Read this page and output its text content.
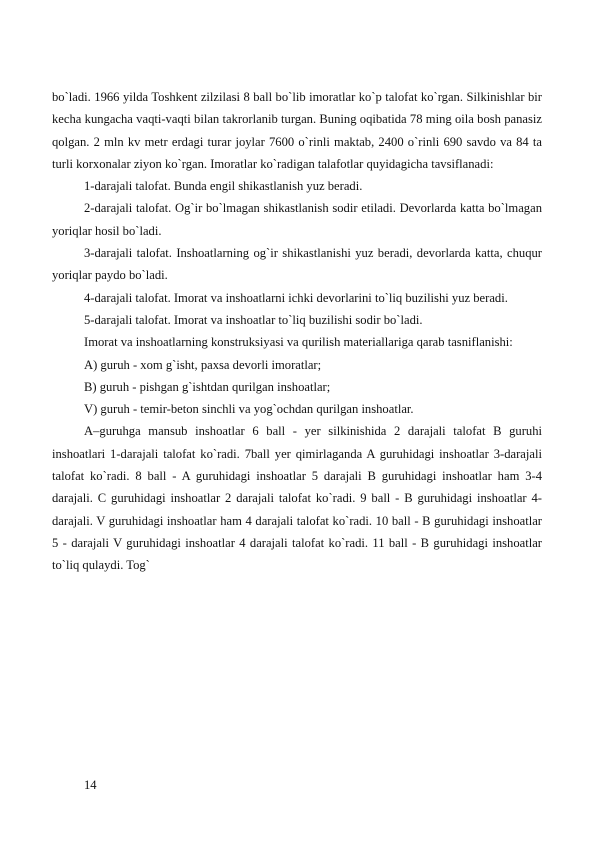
bo`ladi. 1966 yilda Toshkent zilzilasi 8 ball bo`lib imoratlar ko`p talofat ko`rgan. Silkinishlar bir kecha kungacha vaqti-vaqti bilan takrorlanib turgan. Buning oqibatida 78 ming oila bosh panasiz qolgan. 2 mln kv metr erdagi turar joylar 7600 o`rinli maktab, 2400 o`rinli 690 savdo va 84 ta turli korxonalar ziyon ko`rgan. Imoratlar ko`radigan talafotlar quyidagicha tavsiflanadi:

1-darajali talofat. Bunda engil shikastlanish yuz beradi.

2-darajali talofat. Og`ir bo`lmagan shikastlanish sodir etiladi. Devorlarda katta bo`lmagan yoriqlar hosil bo`ladi.

3-darajali talofat. Inshoatlarning og`ir shikastlanishi yuz beradi, devorlarda katta, chuqur yoriqlar paydo bo`ladi.

4-darajali talofat. Imorat va inshoatlarni ichki devorlarini to`liq buzilishi yuz beradi.

5-darajali talofat. Imorat va inshoatlar to`liq buzilishi sodir bo`ladi.

Imorat va inshoatlarning konstruksiyasi va qurilish materiallariga qarab tasniflanishi:

A) guruh - xom g`isht, paxsa devorli imoratlar;

B) guruh - pishgan g`ishtdan qurilgan inshoatlar;

V) guruh - temir-beton sinchli va yog`ochdan qurilgan inshoatlar.

A–guruhga mansub inshoatlar 6 ball - yer silkinishida 2 darajali talofat B guruhi inshoatlari 1-darajali talofat ko`radi. 7ball yer qimirlaganda A guruhidagi inshoatlar 3-darajali talofat ko`radi. 8 ball - A guruhidagi inshoatlar 5 darajali B guruhidagi inshoatlar ham 3-4 darajali. C guruhidagi inshoatlar 2 darajali talofat ko`radi. 9 ball - B guruhidagi inshoatlar 4- darajali. V guruhidagi inshoatlar ham 4 darajali talofat ko`radi. 10 ball - B guruhidagi inshoatlar 5 - darajali V guruhidagi inshoatlar 4 darajali talofat ko`radi. 11 ball - B guruhidagi inshoatlar to`liq qulaydi. Tog`

14
